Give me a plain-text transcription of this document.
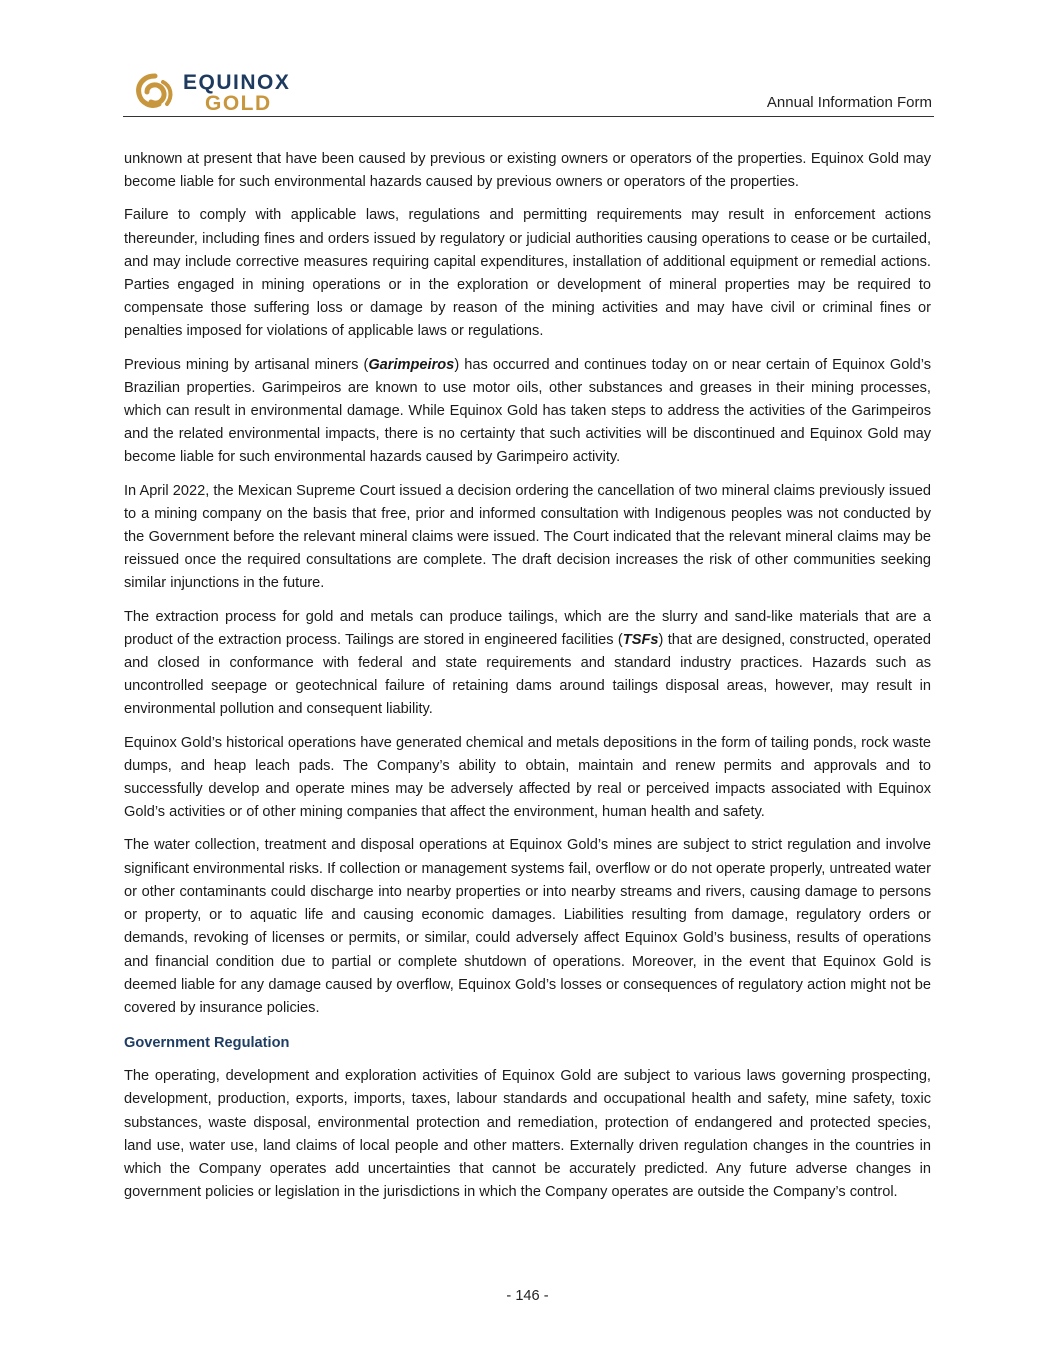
EQUINOX
GOLD	Annual Information Form

unknown at present that have been caused by previous or existing owners or operators of the properties. Equinox Gold may become liable for such environmental hazards caused by previous owners or operators of the properties.

Failure to comply with applicable laws, regulations and permitting requirements may result in enforcement actions thereunder, including fines and orders issued by regulatory or judicial authorities causing operations to cease or be curtailed, and may include corrective measures requiring capital expenditures, installation of additional equipment or remedial actions. Parties engaged in mining operations or in the exploration or development of mineral properties may be required to compensate those suffering loss or damage by reason of the mining activities and may have civil or criminal fines or penalties imposed for violations of applicable laws or regulations.

Previous mining by artisanal miners (Garimpeiros) has occurred and continues today on or near certain of Equinox Gold’s Brazilian properties. Garimpeiros are known to use motor oils, other substances and greases in their mining processes, which can result in environmental damage. While Equinox Gold has taken steps to address the activities of the Garimpeiros and the related environmental impacts, there is no certainty that such activities will be discontinued and Equinox Gold may become liable for such environmental hazards caused by Garimpeiro activity.

In April 2022, the Mexican Supreme Court issued a decision ordering the cancellation of two mineral claims previously issued to a mining company on the basis that free, prior and informed consultation with Indigenous peoples was not conducted by the Government before the relevant mineral claims were issued. The Court indicated that the relevant mineral claims may be reissued once the required consultations are complete. The draft decision increases the risk of other communities seeking similar injunctions in the future.

The extraction process for gold and metals can produce tailings, which are the slurry and sand-like materials that are a product of the extraction process. Tailings are stored in engineered facilities (TSFs) that are designed, constructed, operated and closed in conformance with federal and state requirements and standard industry practices. Hazards such as uncontrolled seepage or geotechnical failure of retaining dams around tailings disposal areas, however, may result in environmental pollution and consequent liability.

Equinox Gold’s historical operations have generated chemical and metals depositions in the form of tailing ponds, rock waste dumps, and heap leach pads. The Company’s ability to obtain, maintain and renew permits and approvals and to successfully develop and operate mines may be adversely affected by real or perceived impacts associated with Equinox Gold’s activities or of other mining companies that affect the environment, human health and safety.

The water collection, treatment and disposal operations at Equinox Gold’s mines are subject to strict regulation and involve significant environmental risks. If collection or management systems fail, overflow or do not operate properly, untreated water or other contaminants could discharge into nearby properties or into nearby streams and rivers, causing damage to persons or property, or to aquatic life and causing economic damages. Liabilities resulting from damage, regulatory orders or demands, revoking of licenses or permits, or similar, could adversely affect Equinox Gold’s business, results of operations and financial condition due to partial or complete shutdown of operations. Moreover, in the event that Equinox Gold is deemed liable for any damage caused by overflow, Equinox Gold’s losses or consequences of regulatory action might not be covered by insurance policies.

Government Regulation

The operating, development and exploration activities of Equinox Gold are subject to various laws governing prospecting, development, production, exports, imports, taxes, labour standards and occupational health and safety, mine safety, toxic substances, waste disposal, environmental protection and remediation, protection of endangered and protected species, land use, water use, land claims of local people and other matters. Externally driven regulation changes in the countries in which the Company operates add uncertainties that cannot be accurately predicted. Any future adverse changes in government policies or legislation in the jurisdictions in which the Company operates are outside the Company’s control.

- 146 -
